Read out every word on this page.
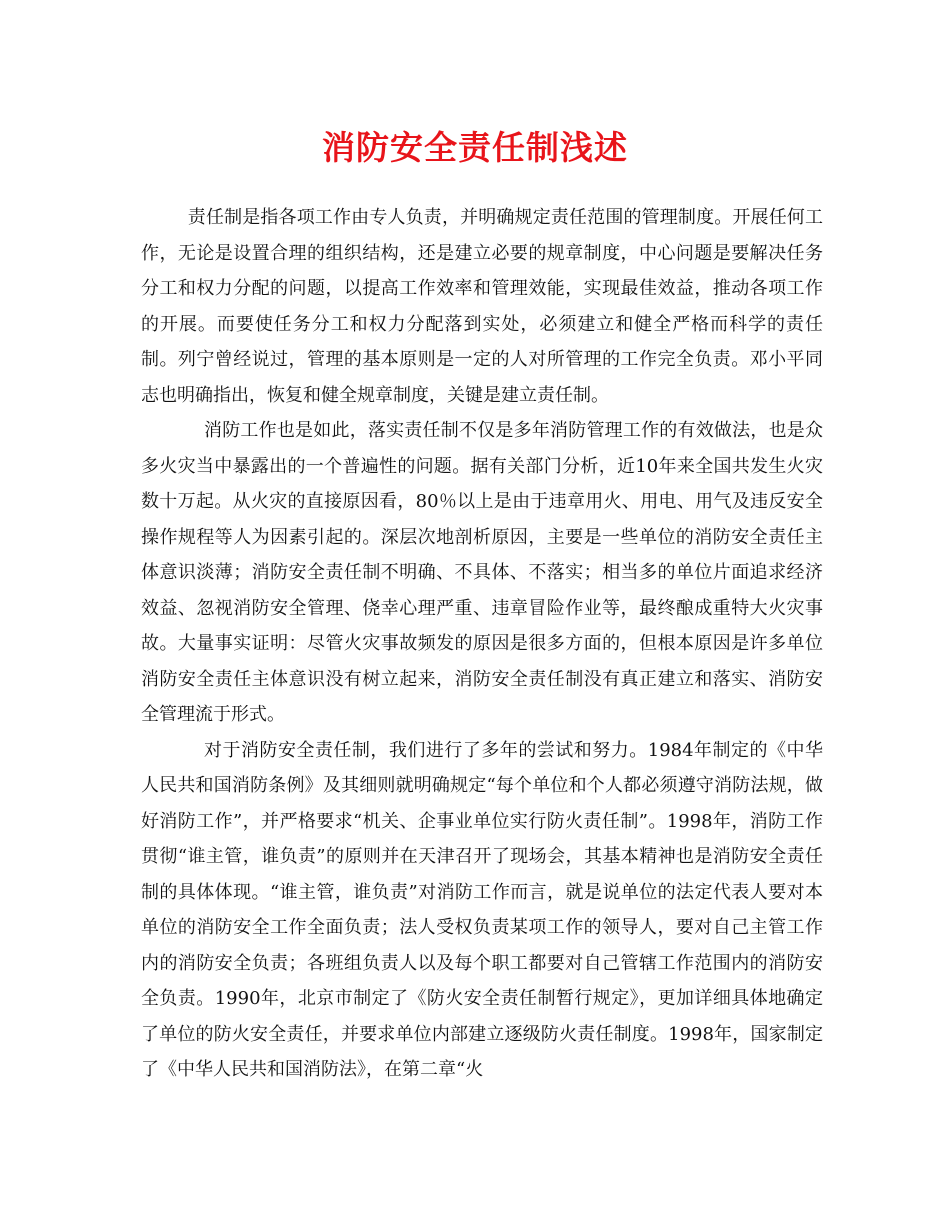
消防安全责任制浅述

责任制是指各项工作由专人负责，并明确规定责任范围的管理制度。开展任何工作，无论是设置合理的组织结构，还是建立必要的规章制度，中心问题是要解决任务分工和权力分配的问题，以提高工作效率和管理效能，实现最佳效益，推动各项工作的开展。而要使任务分工和权力分配落到实处，必须建立和健全严格而科学的责任制。列宁曾经说过，管理的基本原则是一定的人对所管理的工作完全负责。邓小平同志也明确指出，恢复和健全规章制度，关键是建立责任制。

消防工作也是如此，落实责任制不仅是多年消防管理工作的有效做法，也是众多火灾当中暴露出的一个普遍性的问题。据有关部门分析，近10年来全国共发生火灾数十万起。从火灾的直接原因看，80％以上是由于违章用火、用电、用气及违反安全操作规程等人为因素引起的。深层次地剖析原因，主要是一些单位的消防安全责任主体意识淡薄；消防安全责任制不明确、不具体、不落实；相当多的单位片面追求经济效益、忽视消防安全管理、侥幸心理严重、违章冒险作业等，最终酿成重特大火灾事故。大量事实证明：尽管火灾事故频发的原因是很多方面的，但根本原因是许多单位消防安全责任主体意识没有树立起来，消防安全责任制没有真正建立和落实、消防安全管理流于形式。

对于消防安全责任制，我们进行了多年的尝试和努力。1984年制定的《中华人民共和国消防条例》及其细则就明确规定“每个单位和个人都必须遵守消防法规，做好消防工作”，并严格要求“机关、企事业单位实行防火责任制”。1998年，消防工作贯彻“谁主管，谁负责”的原则并在天津召开了现场会，其基本精神也是消防安全责任制的具体体现。“谁主管，谁负责”对消防工作而言，就是说单位的法定代表人要对本单位的消防安全工作全面负责；法人受权负责某项工作的领导人，要对自己主管工作内的消防安全负责；各班组负责人以及每个职工都要对自己管辖工作范围内的消防安全负责。1990年，北京市制定了《防火安全责任制暂行规定》，更加详细具体地确定了单位的防火安全责任，并要求单位内部建立逐级防火责任制度。1998年，国家制定了《中华人民共和国消防法》，在第二章“火
